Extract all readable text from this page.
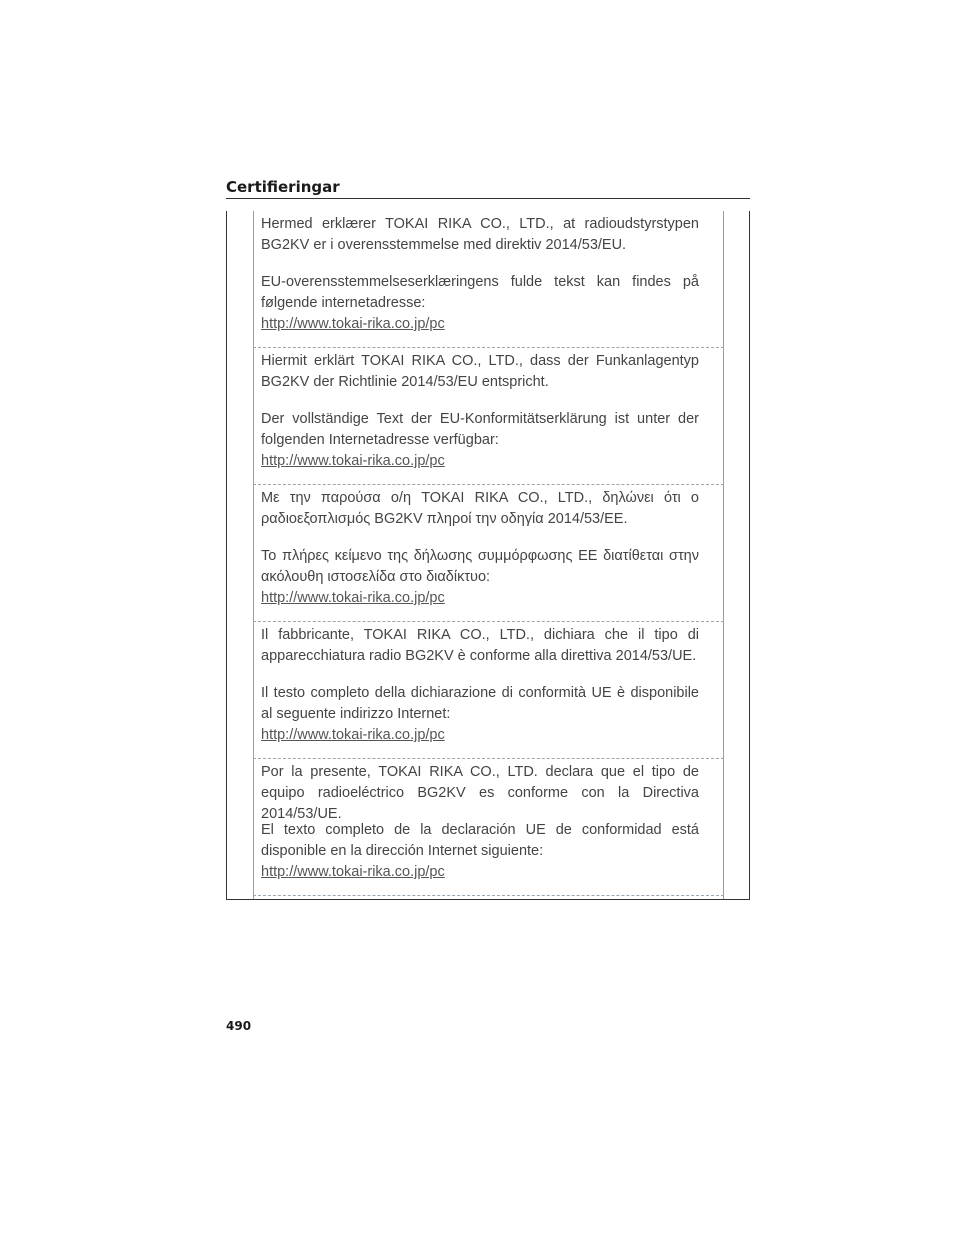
Certifieringar
Hermed erklærer TOKAI RIKA CO., LTD., at radioudstyrstypen BG2KV er i overensstemmelse med direktiv 2014/53/EU.
EU-overensstemmelseserklæringens fulde tekst kan findes på følgende internetadresse:
http://www.tokai-rika.co.jp/pc
Hiermit erklärt TOKAI RIKA CO., LTD., dass der Funkanlagentyp BG2KV der Richtlinie 2014/53/EU entspricht.
Der vollständige Text der EU-Konformitätserklärung ist unter der folgenden Internetadresse verfügbar:
http://www.tokai-rika.co.jp/pc
Με την παρούσα ο/η TOKAI RIKA CO., LTD., δηλώνει ότι ο ραδιοεξοπλισμός BG2KV πληροί την οδηγία 2014/53/ΕΕ.
Το πλήρες κείμενο της δήλωσης συμμόρφωσης ΕΕ διατίθεται στην ακόλουθη ιστοσελίδα στο διαδίκτυο:
http://www.tokai-rika.co.jp/pc
Il fabbricante, TOKAI RIKA CO., LTD., dichiara che il tipo di apparecchiatura radio BG2KV è conforme alla direttiva 2014/53/UE.
Il testo completo della dichiarazione di conformità UE è disponibile al seguente indirizzo Internet:
http://www.tokai-rika.co.jp/pc
Por la presente, TOKAI RIKA CO., LTD. declara que el tipo de equipo radioeléctrico BG2KV es conforme con la Directiva 2014/53/UE.
El texto completo de la declaración UE de conformidad está disponible en la dirección Internet siguiente:
http://www.tokai-rika.co.jp/pc
490
